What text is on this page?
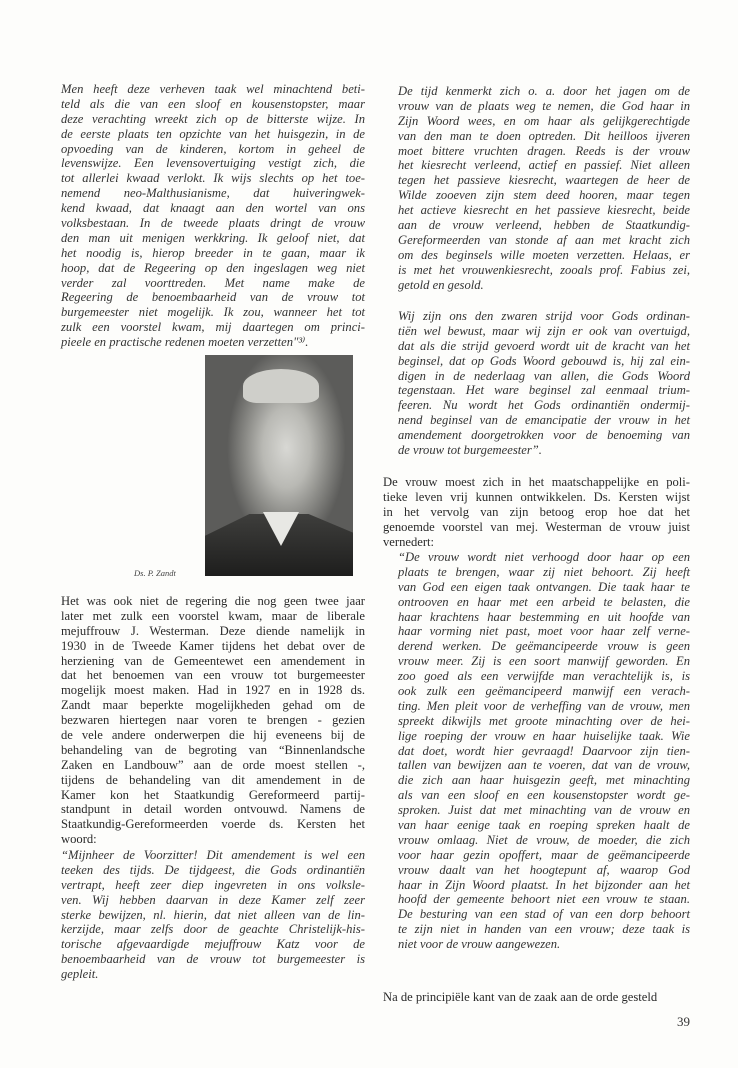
Men heeft deze verheven taak wel minachtend beti-
teld als die van een sloof en kousenstopster, maar
deze verachting wreekt zich op de bitterste wijze. In
de eerste plaats ten opzichte van het huisgezin, in de
opvoeding van de kinderen, kortom in geheel de
levenswijze. Een levensovertuiging vestigt zich, die
tot allerlei kwaad verlokt. Ik wijs slechts op het toe-
nemend neo-Malthusianisme, dat huiveringwek-
kend kwaad, dat knaagt aan den wortel van ons
volksbestaan. In de tweede plaats dringt de vrouw
den man uit menigen werkkring. Ik geloof niet, dat
het noodig is, hierop breeder in te gaan, maar ik
hoop, dat de Regeering op den ingeslagen weg niet
verder zal voorttreden. Met name make de
Regeering de benoembaarheid van de vrouw tot
burgemeester niet mogelijk. Ik zou, wanneer het tot
zulk een voorstel kwam, mij daartegen om princi-
pieele en practische redenen moeten verzetten"³⁾.
Ds. P. Zandt
Het was ook niet de regering die nog geen twee jaar
later met zulk een voorstel kwam, maar de liberale
mejuffrouw J. Westerman. Deze diende namelijk in
1930 in de Tweede Kamer tijdens het debat over de
herziening van de Gemeentewet een amendement in
dat het benoemen van een vrouw tot burgemeester
mogelijk moest maken. Had in 1927 en in 1928 ds.
Zandt maar beperkte mogelijkheden gehad om de
bezwaren hiertegen naar voren te brengen - gezien
de vele andere onderwerpen die hij eveneens bij de
behandeling van de begroting van “Binnenlandsche
Zaken en Landbouw” aan de orde moest stellen -,
tijdens de behandeling van dit amendement in de
Kamer kon het Staatkundig Gereformeerd partij-
standpunt in detail worden ontvouwd. Namens de
Staatkundig-Gereformeerden voerde ds. Kersten het
woord:
“Mijnheer de Voorzitter! Dit amendement is wel een
teeken des tijds. De tijdgeest, die Gods ordinantiën
vertrapt, heeft zeer diep ingevreten in ons volksle-
ven. Wij hebben daarvan in deze Kamer zelf zeer
sterke bewijzen, nl. hierin, dat niet alleen van de lin-
kerzijde, maar zelfs door de geachte Christelijk-his-
torische afgevaardigde mejuffrouw Katz voor de
benoembaarheid van de vrouw tot burgemeester is
gepleit.
De tijd kenmerkt zich o. a. door het jagen om de
vrouw van de plaats weg te nemen, die God haar in
Zijn Woord wees, en om haar als gelijkgerechtigde
van den man te doen optreden. Dit heilloos ijveren
moet bittere vruchten dragen. Reeds is der vrouw
het kiesrecht verleend, actief en passief. Niet alleen
tegen het passieve kiesrecht, waartegen de heer de
Wilde zooeven zijn stem deed hooren, maar tegen
het actieve kiesrecht en het passieve kiesrecht, beide
aan de vrouw verleend, hebben de Staatkundig-
Gereformeerden van stonde af aan met kracht zich
om des beginsels wille moeten verzetten. Helaas, er
is met het vrouwenkiesrecht, zooals prof. Fabius zei,
getold en gesold.
Wij zijn ons den zwaren strijd voor Gods ordinan-
tiën wel bewust, maar wij zijn er ook van overtuigd,
dat als die strijd gevoerd wordt uit de kracht van het
beginsel, dat op Gods Woord gebouwd is, hij zal ein-
digen in de nederlaag van allen, die Gods Woord
tegenstaan. Het ware beginsel zal eenmaal trium-
feeren. Nu wordt het Gods ordinantiën ondermij-
nend beginsel van de emancipatie der vrouw in het
amendement doorgetrokken voor de benoeming van
de vrouw tot burgemeester”.
De vrouw moest zich in het maatschappelijke en poli-
tieke leven vrij kunnen ontwikkelen. Ds. Kersten wijst
in het vervolg van zijn betoog erop hoe dat het
genoemde voorstel van mej. Westerman de vrouw juist
vernedert:
“De vrouw wordt niet verhoogd door haar op een
plaats te brengen, waar zij niet behoort. Zij heeft
van God een eigen taak ontvangen. Die taak haar te
ontrooven en haar met een arbeid te belasten, die
haar krachtens haar bestemming en uit hoofde van
haar vorming niet past, moet voor haar zelf verne-
derend werken. De geëmancipeerde vrouw is geen
vrouw meer. Zij is een soort manwijf geworden. En
zoo goed als een verwijfde man verachtelijk is, is
ook zulk een geëmancipeerd manwijf een verach-
ting. Men pleit voor de verheffing van de vrouw, men
spreekt dikwijls met groote minachting over de hei-
lige roeping der vrouw en haar huiselijke taak. Wie
dat doet, wordt hier gevraagd! Daarvoor zijn tien-
tallen van bewijzen aan te voeren, dat van de vrouw,
die zich aan haar huisgezin geeft, met minachting
als van een sloof en een kousenstopster wordt ge-
sproken. Juist dat met minachting van de vrouw en
van haar eenige taak en roeping spreken haalt de
vrouw omlaag. Niet de vrouw, de moeder, die zich
voor haar gezin opoffert, maar de geëmancipeerde
vrouw daalt van het hoogtepunt af, waarop God
haar in Zijn Woord plaatst. In het bijzonder aan het
hoofd der gemeente behoort niet een vrouw te staan.
De besturing van een stad of van een dorp behoort
te zijn niet in handen van een vrouw; deze taak is
niet voor de vrouw aangewezen.
Na de principiële kant van de zaak aan de orde gesteld
39
